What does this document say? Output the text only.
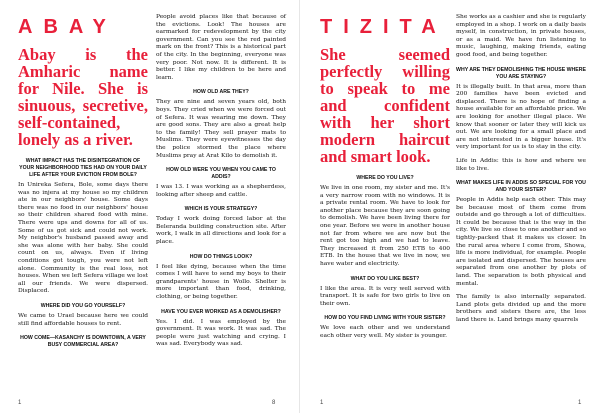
ABAY
Abay is the Amharic name for Nile. She is sinuous, secretive, self-contained, lonely as a river.
WHAT IMPACT HAS THE DISINTEGRATION OF YOUR NEIGHBORHOOD TIES HAD ON YOUR DAILY LIFE AFTER YOUR EVICTION FROM BOLE?
In Unireka Sefera, Bole, some days there was no injera at my house so my children ate in our neighbors' house. Some days there was no food in our neighbors' house so their children shared food with mine. There were ups and downs for all of us. Some of us got sick and could not work. My neighbor's husband passed away and she was alone with her baby. She could count on us, always. Even if living conditions got tough, you were not left alone. Community is the real loss, not houses. When we left Sefera village we lost all our friends. We were dispersed. Displaced.
WHERE DID YOU GO YOURSELF?
We came to Urael because here we could still find affordable houses to rent.
HOW COME—KASANCHY IS DOWNTOWN, A VERY BUSY COMMERCIAL AREA?
People avoid places like that because of the evictions. Look! The houses are earmarked for redevelopment by the city government. Can you see the red painted mark on the front? This is a historical part of the city. In the beginning, everyone was very poor. Not now. It is different. It is better. I like my children to be here and learn.
HOW OLD ARE THEY?
They are nine and seven years old, both boys. They cried when we were forced out of Sefera. It was wearing me down. They are good sons. They are also a great help to the family! They sell prayer mats to Muslims. They were eyewitnesses the day the police stormed the place where Muslims pray at Arat Kilo to demolish it.
HOW OLD WERE YOU WHEN YOU CAME TO ADDIS?
I was 13. I was working as a shepherdess, looking after sheep and cattle.
WHICH IS YOUR STRATEGY?
Today I work doing forced labor at the Beleranda building construction site. After work, I walk in all directions and look for a place.
HOW DO THINGS LOOK?
I feel like dying, because when the time comes I will have to send my boys to their grandparents' house in Wollo. Shelter is more important than food, drinking, clothing, or being together.
HAVE YOU EVER WORKED AS A DEMOLISHER?
Yes. I did. I was employed by the government. It was work. It was sad. The people were just watching and crying. I was sad. Everybody was sad.
TIZITA
She seemed perfectly willing to speak to me and confident with her short modern haircut and smart look.
WHERE DO YOU LIVE?
We live in one room, my sister and me. It's a very narrow room with no windows. It is a private rental room. We have to look for another place because they are soon going to demolish. We have been living there for one year. Before we were in another house not far from where we are now but the rent got too high and we had to leave. They increased it from 250 ETB to 400 ETB. In the house that we live in now, we have water and electricity.
WHAT DO YOU LIKE BEST?
I like the area. It is very well served with transport. It is safe for two girls to live on their own.
HOW DO YOU FIND LIVING WITH YOUR SISTER?
We love each other and we understand each other very well. My sister is younger.
She works as a cashier and she is regularly employed in a shop. I work on a daily basis myself, in construction, in private houses, or as a maid. We have fun listening to music, laughing, making friends, eating good food, and being together.
WHY ARE THEY DEMOLISHING THE HOUSE WHERE YOU ARE STAYING?
It is illegally built. In that area, more than 200 families have been evicted and displaced. There is no hope of finding a house available for an affordable price. We are looking for another illegal place. We know that sooner or later they will kick us out. We are looking for a small place and are not interested in a bigger house. It's very important for us is to stay in the city.
Life in Addis: this is how and where we like to live.
WHAT MAKES LIFE IN ADDIS SO SPECIAL FOR YOU AND YOUR SISTER?
People in Addis help each other. This may be because most of them come from outside and go through a lot of difficulties. It could be because that is the way in the city. We live so close to one another and so tightly-packed that it makes us closer. In the rural area where I come from, Showa, life is more individual, for example. People are isolated and dispersed. The houses are separated from one another by plots of land. The separation is both physical and mental.
The family is also internally separated. Land plots gets divided up and the more brothers and sisters there are, the less land there is. Land brings many quarrels
1	8	1	1
